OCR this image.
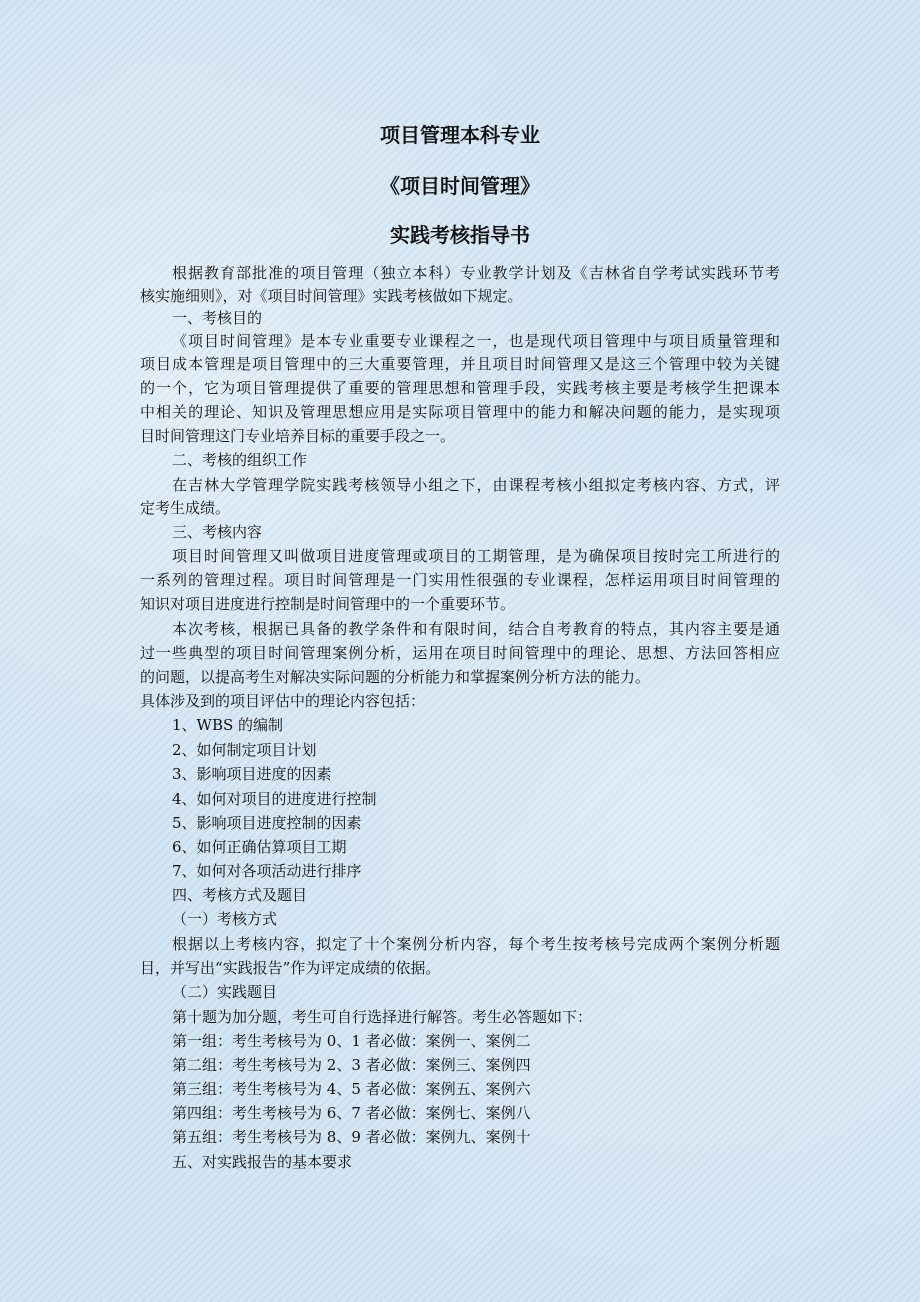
项目管理本科专业
《项目时间管理》
实践考核指导书
根据教育部批准的项目管理（独立本科）专业教学计划及《吉林省自学考试实践环节考
核实施细则》，对《项目时间管理》实践考核做如下规定。
一、考核目的
《项目时间管理》是本专业重要专业课程之一，也是现代项目管理中与项目质量管理和
项目成本管理是项目管理中的三大重要管理，并且项目时间管理又是这三个管理中较为关键
的一个，它为项目管理提供了重要的管理思想和管理手段，实践考核主要是考核学生把课本
中相关的理论、知识及管理思想应用是实际项目管理中的能力和解决问题的能力，是实现项
目时间管理这门专业培养目标的重要手段之一。
二、考核的组织工作
在吉林大学管理学院实践考核领导小组之下，由课程考核小组拟定考核内容、方式，评
定考生成绩。
三、考核内容
项目时间管理又叫做项目进度管理或项目的工期管理，是为确保项目按时完工所进行的
一系列的管理过程。项目时间管理是一门实用性很强的专业课程，怎样运用项目时间管理的
知识对项目进度进行控制是时间管理中的一个重要环节。
本次考核，根据已具备的教学条件和有限时间，结合自考教育的特点，其内容主要是通
过一些典型的项目时间管理案例分析，运用在项目时间管理中的理论、思想、方法回答相应
的问题，以提高考生对解决实际问题的分析能力和掌握案例分析方法的能力。
具体涉及到的项目评估中的理论内容包括：
1、WBS 的编制
2、如何制定项目计划
3、影响项目进度的因素
4、如何对项目的进度进行控制
5、影响项目进度控制的因素
6、如何正确估算项目工期
7、如何对各项活动进行排序
四、考核方式及题目
（一）考核方式
根据以上考核内容，拟定了十个案例分析内容，每个考生按考核号完成两个案例分析题
目，并写出“实践报告”作为评定成绩的依据。
（二）实践题目
第十题为加分题，考生可自行选择进行解答。考生必答题如下：
第一组：考生考核号为 0、1 者必做：案例一、案例二
第二组：考生考核号为 2、3 者必做：案例三、案例四
第三组：考生考核号为 4、5 者必做：案例五、案例六
第四组：考生考核号为 6、7 者必做：案例七、案例八
第五组：考生考核号为 8、9 者必做：案例九、案例十
五、对实践报告的基本要求
